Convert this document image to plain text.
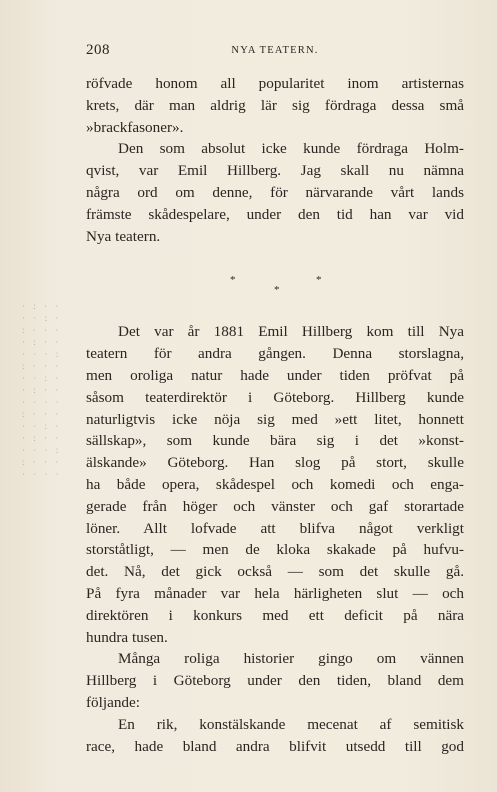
208	NYA TEATERN.
· : · ·
· · : ·
: · · ·
· : · ·
· · · :
: · · ·
· · : ·
· : · ·
· · · ·
: · · ·
· · : ·
· : · ·
· · · :
: · · ·
· · · ·
röfvade honom all popularitet inom artisternas
krets, där man aldrig lär sig fördraga dessa små
»brackfasoner».
Den som absolut icke kunde fördraga Holm-
qvist, var Emil Hillberg. Jag skall nu nämna
några ord om denne, för närvarande vårt lands
främste skådespelare, under den tid han var vid
Nya teatern.
*
*
*
Det var år 1881 Emil Hillberg kom till Nya
teatern för andra gången. Denna storslagna,
men oroliga natur hade under tiden pröfvat på
såsom teaterdirektör i Göteborg. Hillberg kunde
naturligtvis icke nöja sig med »ett litet, honnett
sällskap», som kunde bära sig i det »konst-
älskande» Göteborg. Han slog på stort, skulle
ha både opera, skådespel och komedi och enga-
gerade från höger och vänster och gaf storartade
löner. Allt lofvade att blifva något verkligt
storståtligt, — men de kloka skakade på hufvu-
det. Nå, det gick också — som det skulle gå.
På fyra månader var hela härligheten slut — och
direktören i konkurs med ett deficit på nära
hundra tusen.
Många roliga historier gingo om vännen
Hillberg i Göteborg under den tiden, bland dem
följande:
En rik, konstälskande mecenat af semitisk
race, hade bland andra blifvit utsedd till god
